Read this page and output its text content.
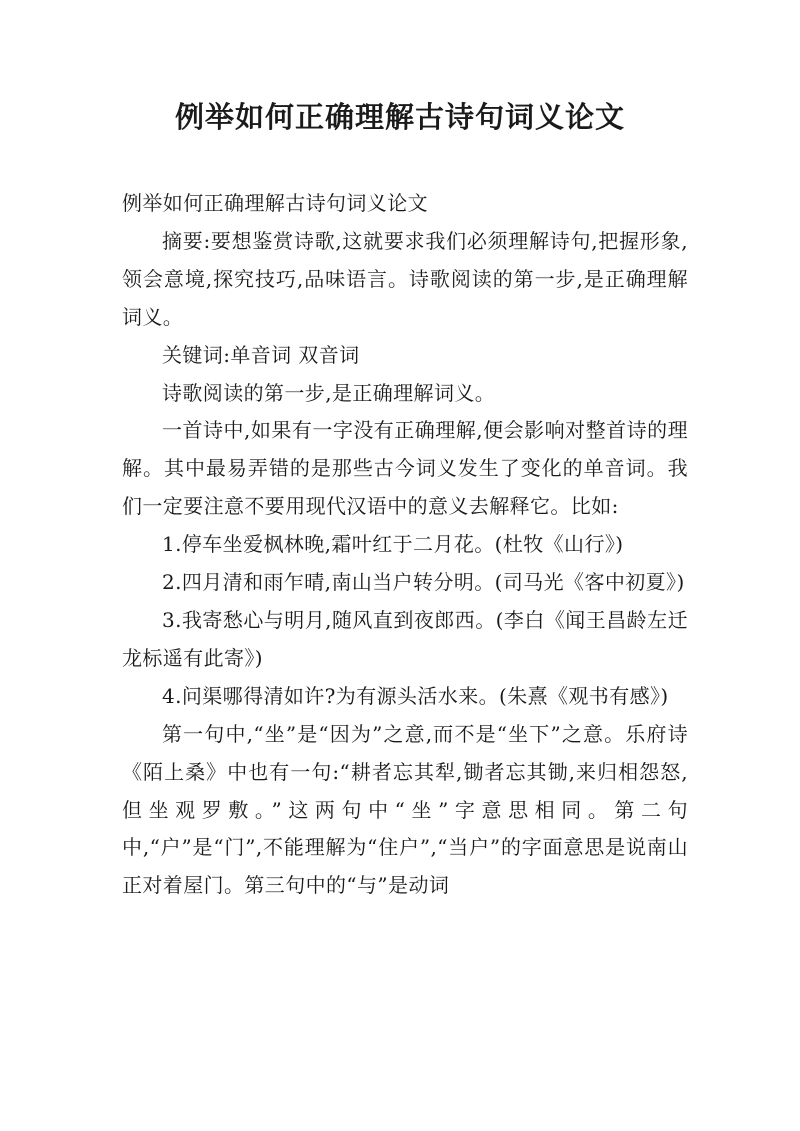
例举如何正确理解古诗句词义论文

例举如何正确理解古诗句词义论文

摘要:要想鉴赏诗歌,这就要求我们必须理解诗句,把握形象,领会意境,探究技巧,品味语言。诗歌阅读的第一步,是正确理解词义。

关键词:单音词 双音词

诗歌阅读的第一步,是正确理解词义。

一首诗中,如果有一字没有正确理解,便会影响对整首诗的理解。其中最易弄错的是那些古今词义发生了变化的单音词。我们一定要注意不要用现代汉语中的意义去解释它。比如:

1.停车坐爱枫林晚,霜叶红于二月花。(杜牧《山行》)

2.四月清和雨乍晴,南山当户转分明。(司马光《客中初夏》)

3.我寄愁心与明月,随风直到夜郎西。(李白《闻王昌龄左迁龙标遥有此寄》)

4.问渠哪得清如许?为有源头活水来。(朱熹《观书有感》)

第一句中,“坐”是“因为”之意,而不是“坐下”之意。乐府诗《陌上桑》中也有一句:“耕者忘其犁,锄者忘其锄,来归相怨怒,但坐观罗敷。”这两句中“坐”字意思相同。第二句中,“户”是“门”,不能理解为“住户”,“当户”的字面意思是说南山正对着屋门。第三句中的“与”是动词
